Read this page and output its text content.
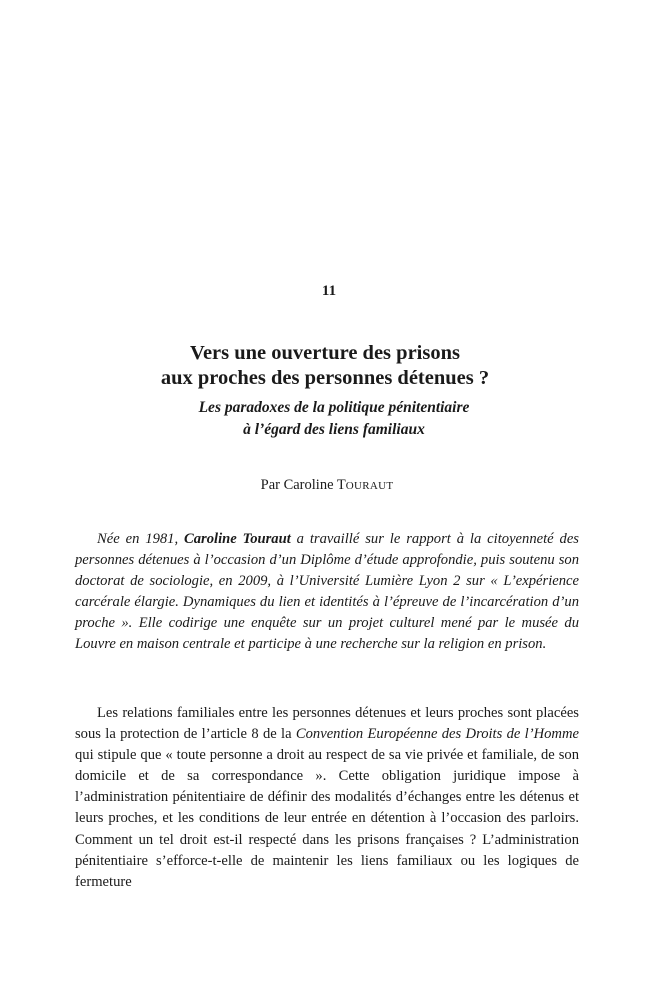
11
Vers une ouverture des prisons
aux proches des personnes détenues ?
Les paradoxes de la politique pénitentiaire
à l’égard des liens familiaux
Par Caroline TOURAUT

Née en 1981, Caroline Touraut a travaillé sur le rapport à la citoyenneté des personnes détenues à l’occasion d’un Diplôme d’étude approfondie, puis soutenu son doctorat de sociologie, en 2009, à l’Université Lumière Lyon 2 sur « L’expérience carcérale élargie. Dynamiques du lien et identités à l’épreuve de l’incarcération d’un proche ». Elle codirige une enquête sur un projet culturel mené par le musée du Louvre en maison centrale et participe à une recherche sur la religion en prison.

Les relations familiales entre les personnes détenues et leurs proches sont placées sous la protection de l’article 8 de la Convention Européenne des Droits de l’Homme qui stipule que « toute personne a droit au respect de sa vie privée et familiale, de son domicile et de sa correspondance ». Cette obligation juridique impose à l’administration pénitentiaire de définir des modalités d’échanges entre les détenus et leurs proches, et les conditions de leur entrée en détention à l’occasion des parloirs. Comment un tel droit est-il respecté dans les prisons françaises ? L’administration pénitentiaire s’efforce-t-elle de maintenir les liens familiaux ou les logiques de fermeture
